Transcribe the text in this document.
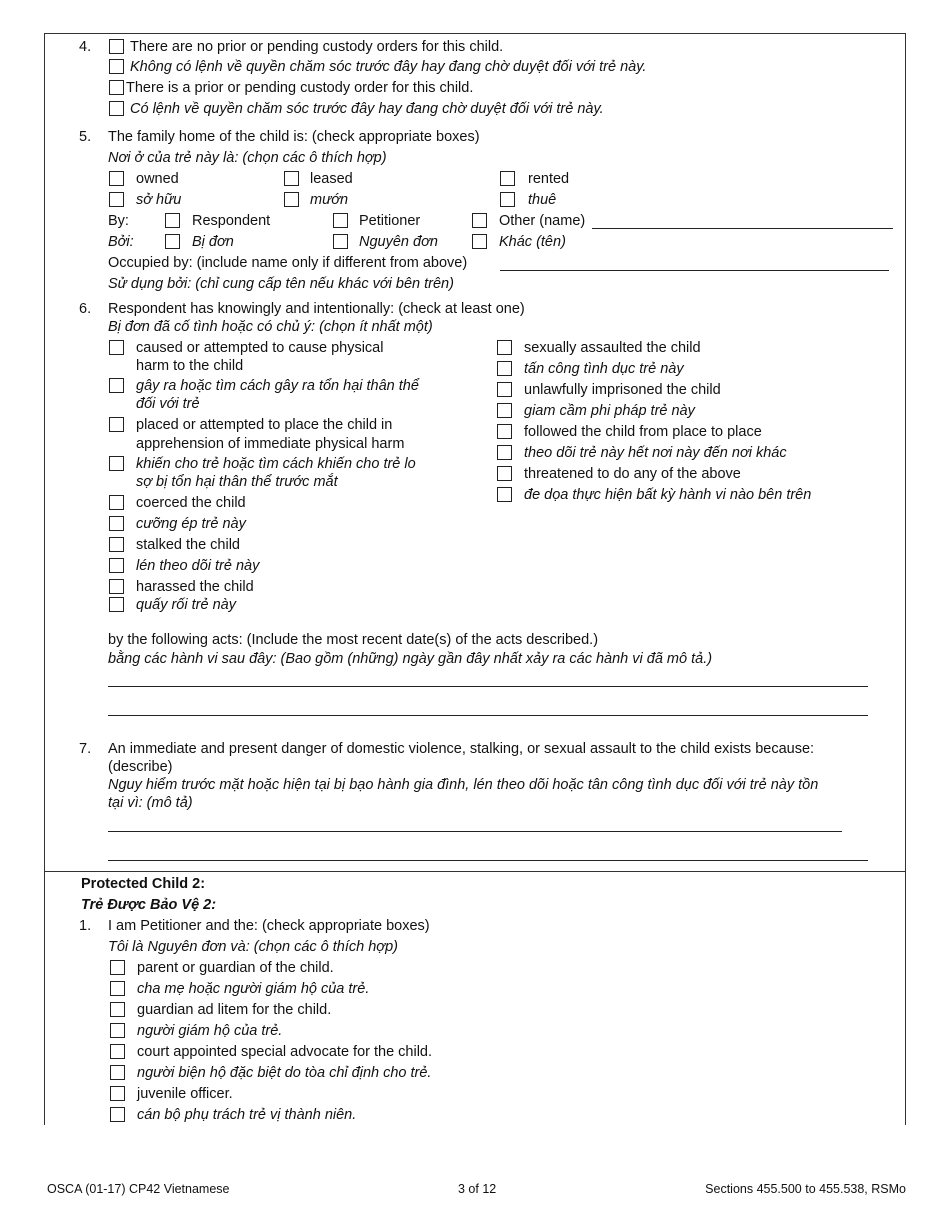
4.	There are no prior or pending custody orders for this child.
Không có lệnh về quyền chăm sóc trước đây hay đang chờ duyệt đối với trẻ này.
There is a prior or pending custody order for this child.
Có lệnh về quyền chăm sóc trước đây hay đang chờ duyệt đối với trẻ này.
5. The family home of the child is: (check appropriate boxes)
Nơi ở của trẻ này là: (chọn các ô thích hợp)
owned	leased	rented
sở hữu	mướn	thuê
By:	Respondent	Petitioner	Other (name)
Bởi:	Bị đơn	Nguyên đơn	Khác (tên)
Occupied by: (include name only if different from above)
Sử dụng bởi: (chỉ cung cấp tên nếu khác với bên trên)
6. Respondent has knowingly and intentionally: (check at least one)
Bị đơn đã cố tình hoặc có chủ ý: (chọn ít nhất một)
caused or attempted to cause physical
harm to the child
gây ra hoặc tìm cách gây ra tổn hại thân thể
đối với trẻ
placed or attempted to place the child in
apprehension of immediate physical harm
khiến cho trẻ hoặc tìm cách khiến cho trẻ lo
sợ bị tổn hại thân thể trước mắt
coerced the child
cưỡng ép trẻ này
stalked the child
lén theo dõi trẻ này
harassed the child
quấy rối trẻ này
sexually assaulted the child
tấn công tình dục trẻ này
unlawfully imprisoned the child
giam cầm phi pháp trẻ này
followed the child from place to place
theo dõi trẻ này hết nơi này đến nơi khác
threatened to do any of the above
đe dọa thực hiện bất kỳ hành vi nào bên trên
by the following acts: (Include the most recent date(s) of the acts described.)
bằng các hành vi sau đây: (Bao gồm (những) ngày gần đây nhất xảy ra các hành vi đã mô tả.)
7. An immediate and present danger of domestic violence, stalking, or sexual assault to the child exists because:
(describe)
Nguy hiểm trước mặt hoặc hiện tại bị bạo hành gia đình, lén theo dõi hoặc tân công tình dục đối với trẻ này tồn
tại vì: (mô tả)
Protected Child 2:
Trẻ Được Bảo Vệ 2:
1. I am Petitioner and the: (check appropriate boxes)
Tôi là Nguyên đơn và: (chọn các ô thích hợp)
parent or guardian of the child.
cha mẹ hoặc người giám hộ của trẻ.
guardian ad litem for the child.
người giám hộ của trẻ.
court appointed special advocate for the child.
người biện hộ đặc biệt do tòa chỉ định cho trẻ.
juvenile officer.
cán bộ phụ trách trẻ vị thành niên.
OSCA (01-17) CP42 Vietnamese	3 of 12	Sections 455.500 to 455.538, RSMo
